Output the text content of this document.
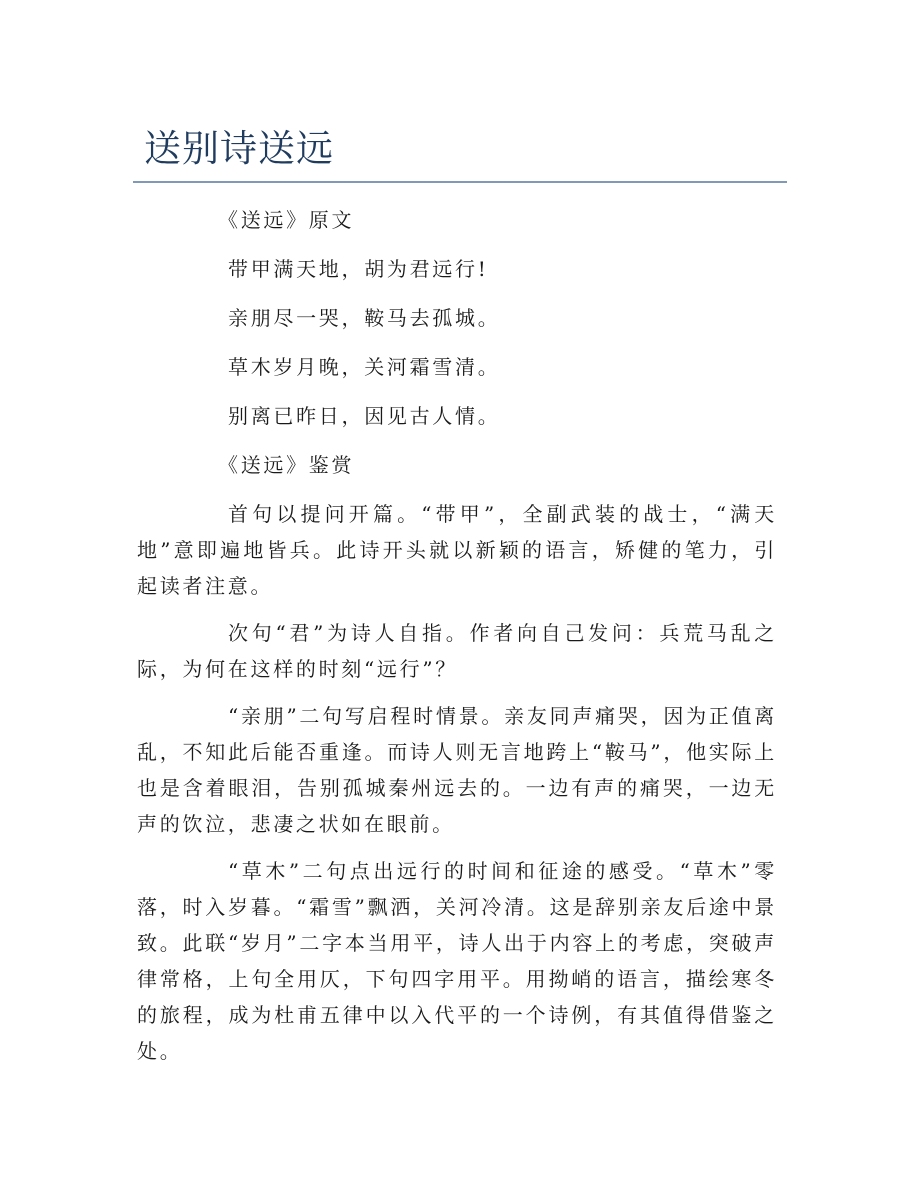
送别诗送远

《送远》原文

带甲满天地，胡为君远行!

亲朋尽一哭，鞍马去孤城。

草木岁月晚，关河霜雪清。

别离已昨日，因见古人情。

《送远》鉴赏

首句以提问开篇。“带甲”，全副武装的战士，“满天地”意即遍地皆兵。此诗开头就以新颖的语言，矫健的笔力，引起读者注意。

次句“君”为诗人自指。作者向自己发问：兵荒马乱之际，为何在这样的时刻“远行”？

“亲朋”二句写启程时情景。亲友同声痛哭，因为正值离乱，不知此后能否重逢。而诗人则无言地跨上“鞍马”，他实际上也是含着眼泪，告别孤城秦州远去的。一边有声的痛哭，一边无声的饮泣，悲凄之状如在眼前。

“草木”二句点出远行的时间和征途的感受。“草木”零落，时入岁暮。“霜雪”飘洒，关河冷清。这是辞别亲友后途中景致。此联“岁月”二字本当用平，诗人出于内容上的考虑，突破声律常格，上句全用仄，下句四字用平。用拗峭的语言，描绘寒冬的旅程，成为杜甫五律中以入代平的一个诗例，有其值得借鉴之处。
